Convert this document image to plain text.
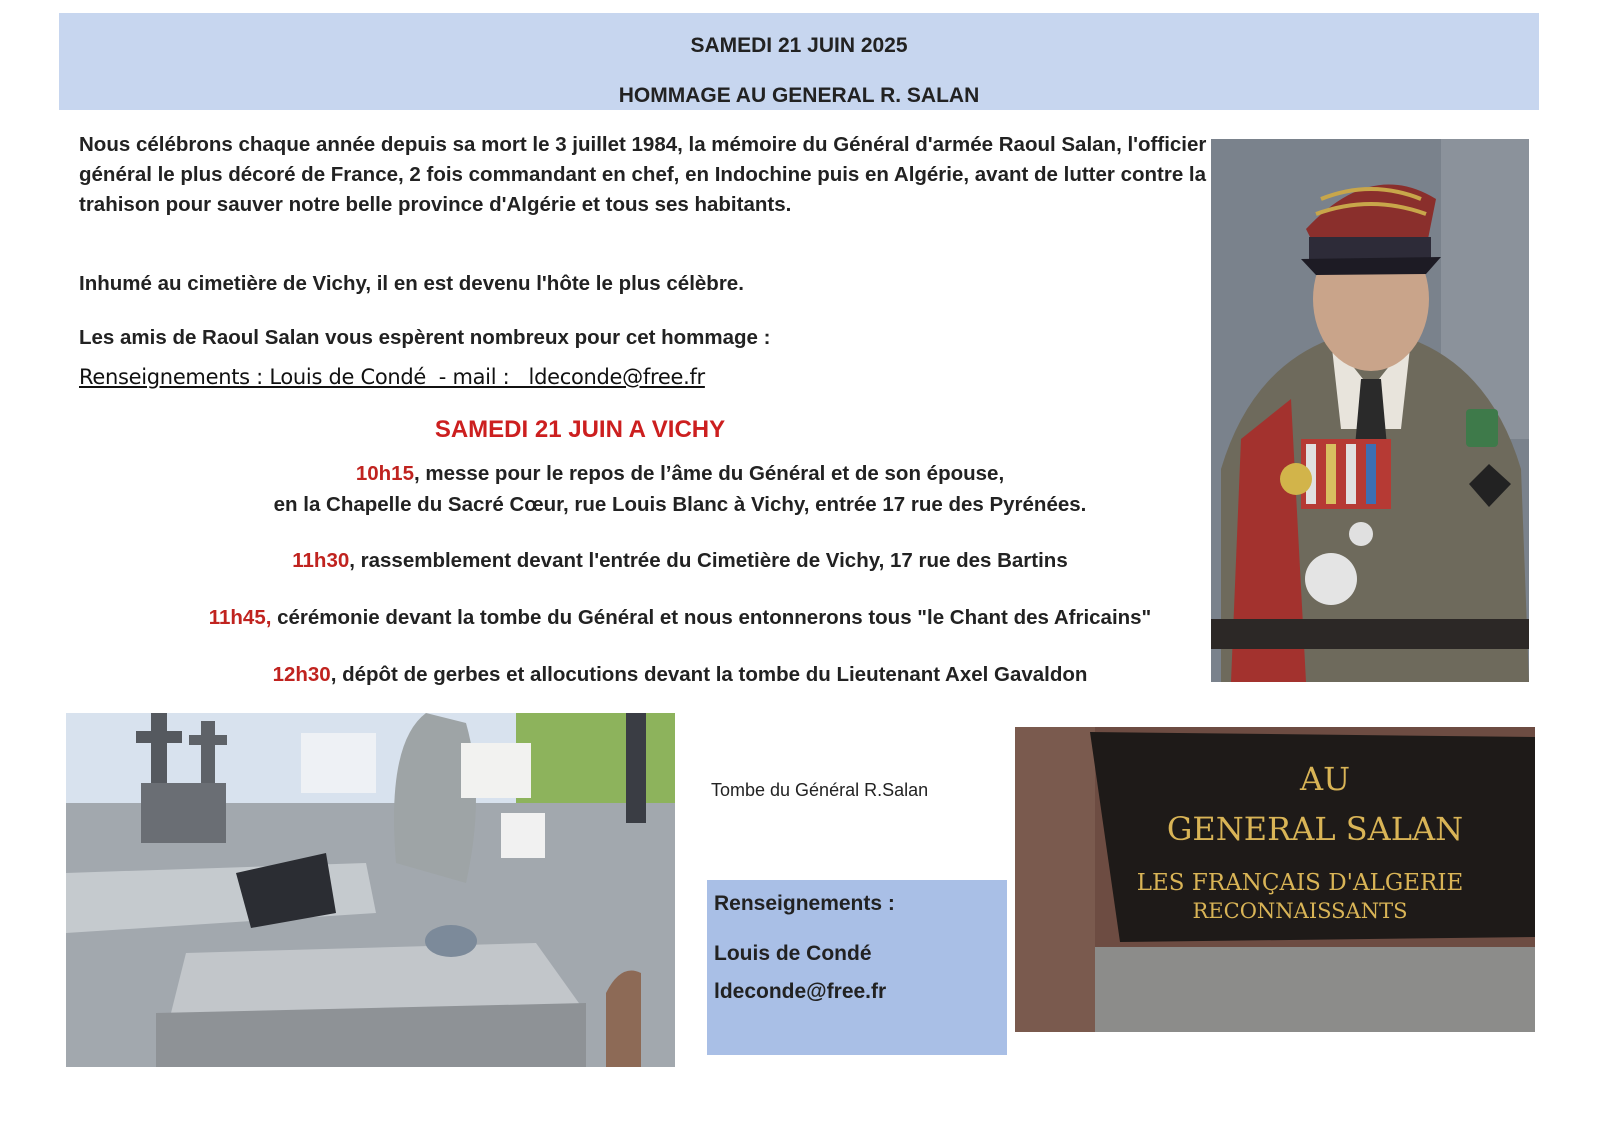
SAMEDI 21 JUIN 2025
HOMMAGE AU GENERAL R. SALAN

Nous célébrons chaque année depuis sa mort le 3 juillet 1984, la mémoire du Général d'armée Raoul Salan, l'officier général le plus décoré de France, 2 fois commandant en chef, en Indochine puis en Algérie, avant de lutter contre la trahison pour sauver notre belle province d'Algérie et tous ses habitants.

Inhumé au cimetière de Vichy, il en est devenu l'hôte le plus célèbre.
Les amis de Raoul Salan vous espèrent nombreux pour cet hommage :
Renseignements : Louis de Condé  - mail :   ldeconde@free.fr
SAMEDI 21 JUIN A VICHY
10h15, messe pour le repos de l’âme du Général et de son épouse,
en la Chapelle du Sacré Cœur, rue Louis Blanc à Vichy, entrée 17 rue des Pyrénées.
11h30, rassemblement devant l'entrée du Cimetière de Vichy, 17 rue des Bartins
11h45, cérémonie devant la tombe du Général et nous entonnerons tous "le Chant des Africains"
12h30, dépôt de gerbes et allocutions devant la tombe du Lieutenant Axel Gavaldon
Tombe du Général R.Salan
Renseignements :
Louis de Condé
ldeconde@free.fr
AU
GENERAL SALAN
LES FRANÇAIS D'ALGERIE
RECONNAISSANTS
